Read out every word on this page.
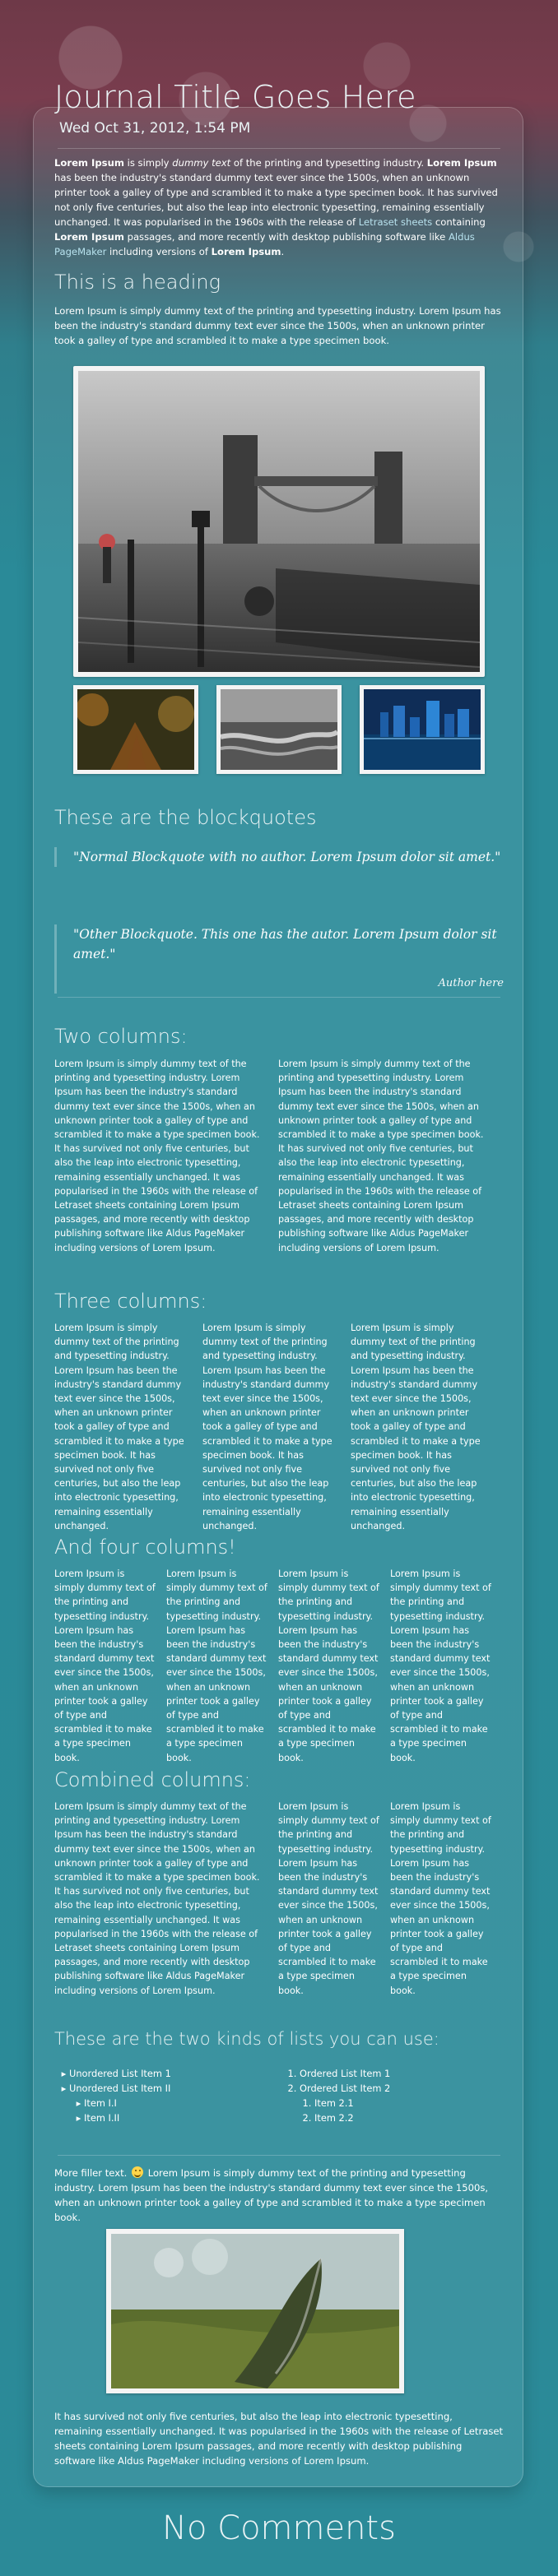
Journal Title Goes Here
Wed Oct 31, 2012, 1:54 PM
Lorem Ipsum is simply dummy text of the printing and typesetting industry. Lorem Ipsum has been the industry's standard dummy text ever since the 1500s, when an unknown printer took a galley of type and scrambled it to make a type specimen book. It has survived not only five centuries, but also the leap into electronic typesetting, remaining essentially unchanged. It was popularised in the 1960s with the release of Letraset sheets containing Lorem Ipsum passages, and more recently with desktop publishing software like Aldus PageMaker including versions of Lorem Ipsum.
This is a heading
Lorem Ipsum is simply dummy text of the printing and typesetting industry. Lorem Ipsum has been the industry's standard dummy text ever since the 1500s, when an unknown printer took a galley of type and scrambled it to make a type specimen book.
These are the blockquotes
"Normal Blockquote with no author. Lorem Ipsum dolor sit amet."
"Other Blockquote. This one has the autor. Lorem Ipsum dolor sit amet."
Author here
Two columns:
Lorem Ipsum is simply dummy text of the printing and typesetting industry. Lorem Ipsum has been the industry's standard dummy text ever since the 1500s, when an unknown printer took a galley of type and scrambled it to make a type specimen book. It has survived not only five centuries, but also the leap into electronic typesetting, remaining essentially unchanged. It was popularised in the 1960s with the release of Letraset sheets containing Lorem Ipsum passages, and more recently with desktop publishing software like Aldus PageMaker including versions of Lorem Ipsum.
Lorem Ipsum is simply dummy text of the printing and typesetting industry. Lorem Ipsum has been the industry's standard dummy text ever since the 1500s, when an unknown printer took a galley of type and scrambled it to make a type specimen book. It has survived not only five centuries, but also the leap into electronic typesetting, remaining essentially unchanged. It was popularised in the 1960s with the release of Letraset sheets containing Lorem Ipsum passages, and more recently with desktop publishing software like Aldus PageMaker including versions of Lorem Ipsum.
Three columns:
Lorem Ipsum is simply dummy text of the printing and typesetting industry. Lorem Ipsum has been the industry's standard dummy text ever since the 1500s, when an unknown printer took a galley of type and scrambled it to make a type specimen book. It has survived not only five centuries, but also the leap into electronic typesetting, remaining essentially unchanged.
Lorem Ipsum is simply dummy text of the printing and typesetting industry. Lorem Ipsum has been the industry's standard dummy text ever since the 1500s, when an unknown printer took a galley of type and scrambled it to make a type specimen book. It has survived not only five centuries, but also the leap into electronic typesetting, remaining essentially unchanged.
Lorem Ipsum is simply dummy text of the printing and typesetting industry. Lorem Ipsum has been the industry's standard dummy text ever since the 1500s, when an unknown printer took a galley of type and scrambled it to make a type specimen book. It has survived not only five centuries, but also the leap into electronic typesetting, remaining essentially unchanged.
And four columns!
Lorem Ipsum is simply dummy text of the printing and typesetting industry. Lorem Ipsum has been the industry's standard dummy text ever since the 1500s, when an unknown printer took a galley of type and scrambled it to make a type specimen book.
Lorem Ipsum is simply dummy text of the printing and typesetting industry. Lorem Ipsum has been the industry's standard dummy text ever since the 1500s, when an unknown printer took a galley of type and scrambled it to make a type specimen book.
Lorem Ipsum is simply dummy text of the printing and typesetting industry. Lorem Ipsum has been the industry's standard dummy text ever since the 1500s, when an unknown printer took a galley of type and scrambled it to make a type specimen book.
Lorem Ipsum is simply dummy text of the printing and typesetting industry. Lorem Ipsum has been the industry's standard dummy text ever since the 1500s, when an unknown printer took a galley of type and scrambled it to make a type specimen book.
Combined columns:
Lorem Ipsum is simply dummy text of the printing and typesetting industry. Lorem Ipsum has been the industry's standard dummy text ever since the 1500s, when an unknown printer took a galley of type and scrambled it to make a type specimen book.
It has survived not only five centuries, but also the leap into electronic typesetting, remaining essentially unchanged. It was popularised in the 1960s with the release of Letraset sheets containing Lorem Ipsum passages, and more recently with desktop publishing software like Aldus PageMaker including versions of Lorem Ipsum.
Lorem Ipsum is simply dummy text of the printing and typesetting industry. Lorem Ipsum has been the industry's standard dummy text ever since the 1500s, when an unknown printer took a galley of type and scrambled it to make a type specimen book.
Lorem Ipsum is simply dummy text of the printing and typesetting industry. Lorem Ipsum has been the industry's standard dummy text ever since the 1500s, when an unknown printer took a galley of type and scrambled it to make a type specimen book.
These are the two kinds of lists you can use:
• Unordered List Item 1
• Unordered List Item II
• Item I.I
• Item I.II
1. Ordered List Item 1
2. Ordered List Item 2
1. Item 2.1
2. Item 2.2
More filler text. Lorem Ipsum is simply dummy text of the printing and typesetting industry. Lorem Ipsum has been the industry's standard dummy text ever since the 1500s, when an unknown printer took a galley of type and scrambled it to make a type specimen book.
It has survived not only five centuries, but also the leap into electronic typesetting, remaining essentially unchanged. It was popularised in the 1960s with the release of Letraset sheets containing Lorem Ipsum passages, and more recently with desktop publishing software like Aldus PageMaker including versions of Lorem Ipsum.
No Comments
